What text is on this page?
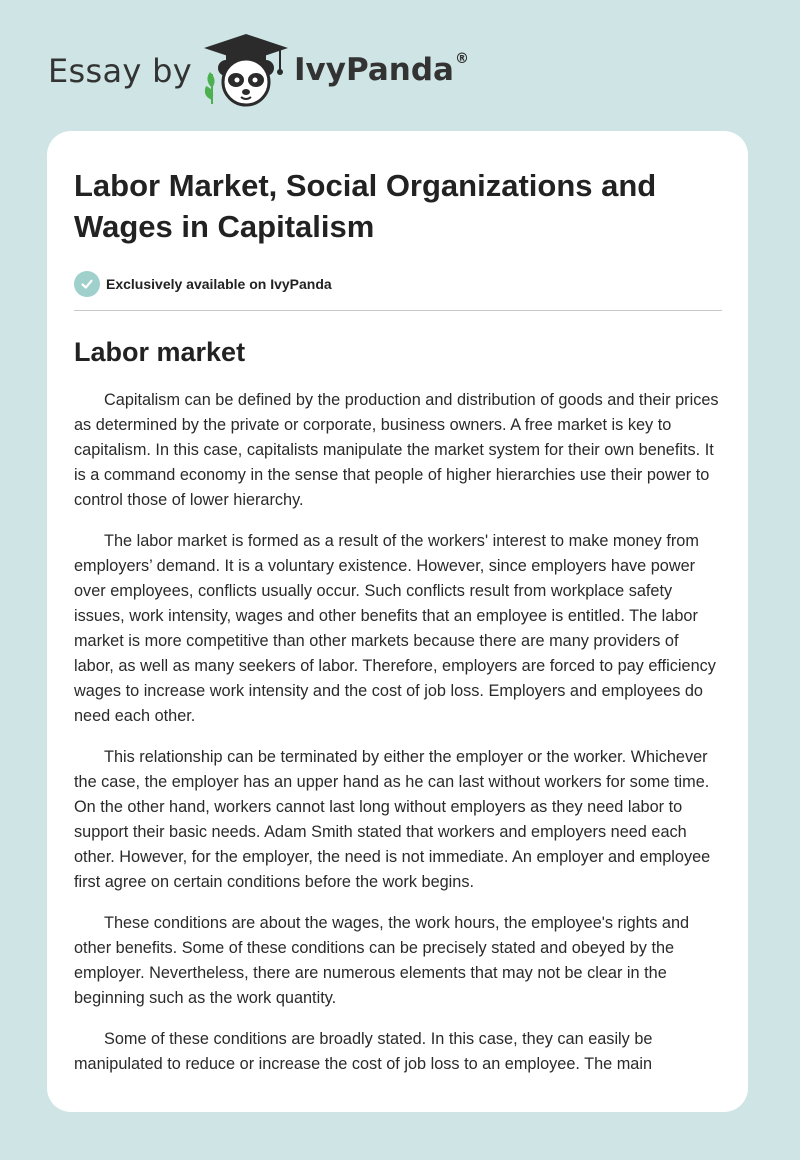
Essay by	IvyPanda®
Labor Market, Social Organizations and Wages in Capitalism
Exclusively available on IvyPanda
Labor market

Capitalism can be defined by the production and distribution of goods and their prices as determined by the private or corporate, business owners. A free market is key to capitalism. In this case, capitalists manipulate the market system for their own benefits. It is a command economy in the sense that people of higher hierarchies use their power to control those of lower hierarchy.

The labor market is formed as a result of the workers' interest to make money from employers’ demand. It is a voluntary existence. However, since employers have power over employees, conflicts usually occur. Such conflicts result from workplace safety issues, work intensity, wages and other benefits that an employee is entitled. The labor market is more competitive than other markets because there are many providers of labor, as well as many seekers of labor. Therefore, employers are forced to pay efficiency wages to increase work intensity and the cost of job loss. Employers and employees do need each other.

This relationship can be terminated by either the employer or the worker. Whichever the case, the employer has an upper hand as he can last without workers for some time. On the other hand, workers cannot last long without employers as they need labor to support their basic needs. Adam Smith stated that workers and employers need each other. However, for the employer, the need is not immediate. An employer and employee first agree on certain conditions before the work begins.

These conditions are about the wages, the work hours, the employee's rights and other benefits. Some of these conditions can be precisely stated and obeyed by the employer. Nevertheless, there are numerous elements that may not be clear in the beginning such as the work quantity.

Some of these conditions are broadly stated. In this case, they can easily be manipulated to reduce or increase the cost of job loss to an employee. The main
